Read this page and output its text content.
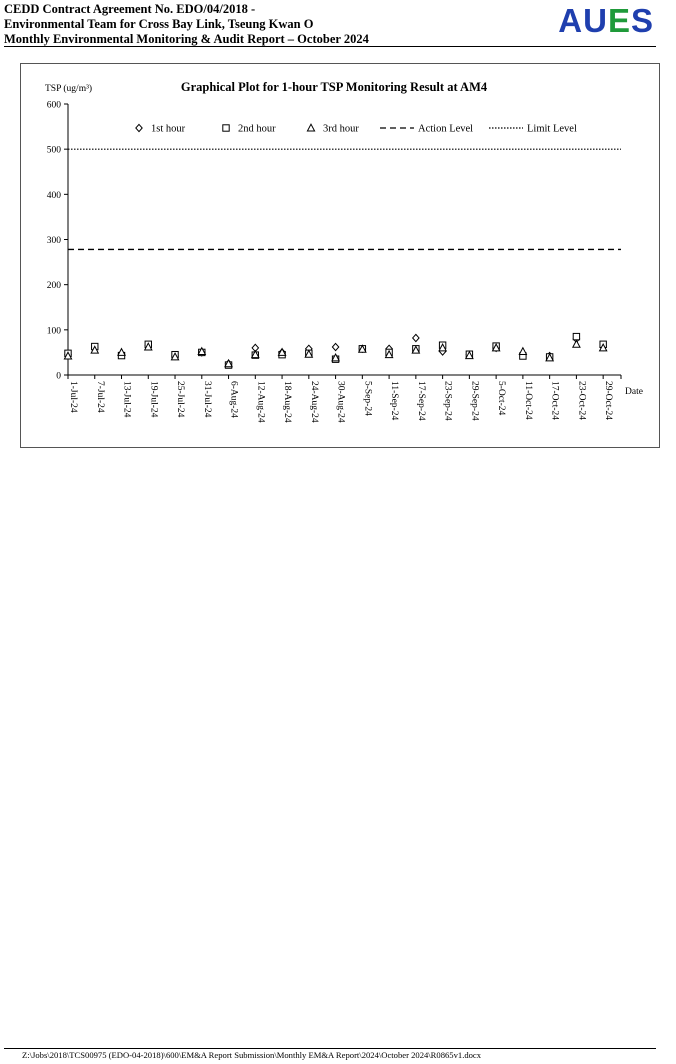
CEDD Contract Agreement No. EDO/04/2018 -
Environmental Team for Cross Bay Link, Tseung Kwan O
Monthly Environmental Monitoring & Audit Report – October 2024	AUES
Graphical Plot for 1-hour TSP Monitoring Result at AM4
TSP (ug/m³)
Date
0
100
200
300
400
500
600
1-Jul-24 7-Jul-24 13-Jul-24 19-Jul-24 25-Jul-24 31-Jul-24 6-Aug-24 12-Aug-24 18-Aug-24 24-Aug-24 30-Aug-24 5-Sep-24 11-Sep-24 17-Sep-24 23-Sep-24 29-Sep-24 5-Oct-24 11-Oct-24 17-Oct-24 23-Oct-24 29-Oct-24
1st hour	2nd hour	3rd hour	Action Level	Limit Level
Z:\Jobs\2018\TCS00975 (EDO-04-2018)\600\EM&A Report Submission\Monthly EM&A Report\2024\October 2024\R0865v1.docx
